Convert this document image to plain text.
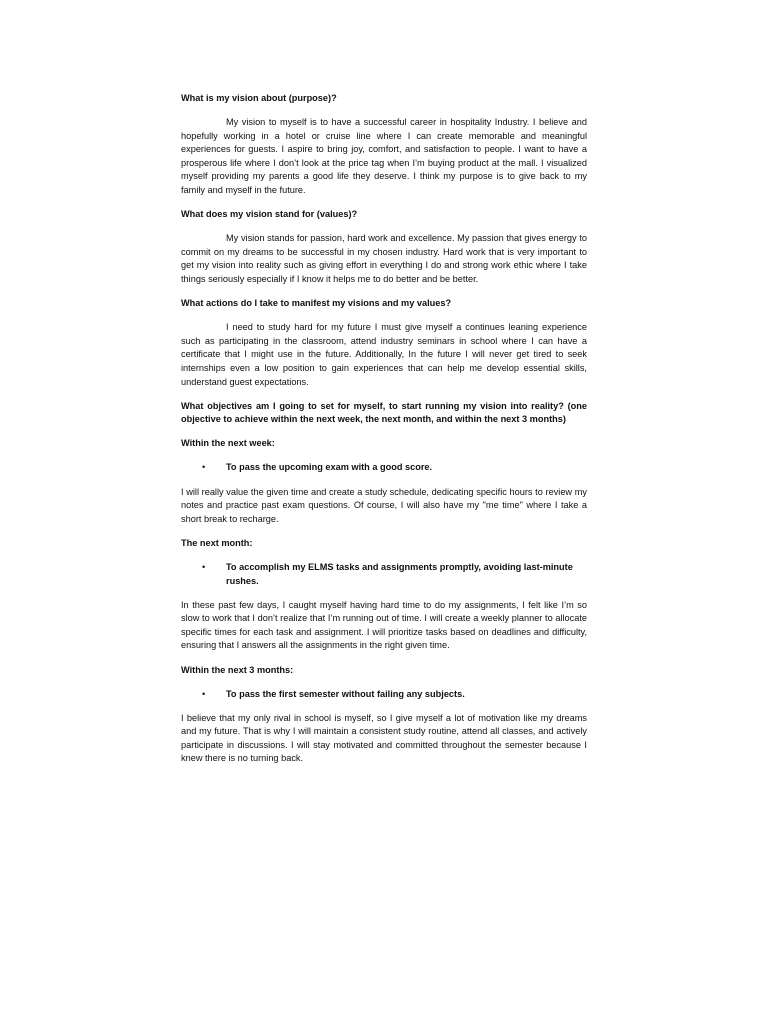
What is my vision about (purpose)?

My vision to myself is to have a successful career in hospitality Industry. I believe and hopefully working in a hotel or cruise line where I can create memorable and meaningful experiences for guests. I aspire to bring joy, comfort, and satisfaction to people. I want to have a prosperous life where I don’t look at the price tag when I’m buying product at the mall. I visualized myself providing my parents a good life they deserve. I think my purpose is to give back to my family and myself in the future.

What does my vision stand for (values)?

My vision stands for passion, hard work and excellence. My passion that gives energy to commit on my dreams to be successful in my chosen industry. Hard work that is very important to get my vision into reality such as giving effort in everything I do and strong work ethic where I take things seriously especially if I know it helps me to do better and be better.

What actions do I take to manifest my visions and my values?

I need to study hard for my future I must give myself a continues leaning experience such as participating in the classroom, attend industry seminars in school where I can have a certificate that I might use in the future. Additionally, In the future I will never get tired to seek internships even a low position to gain experiences that can help me develop essential skills, understand guest expectations.

What objectives am I going to set for myself, to start running my vision into reality? (one objective to achieve within the next week, the next month, and within the next 3 months)

Within the next week:

• To pass the upcoming exam with a good score.

I will really value the given time and create a study schedule, dedicating specific hours to review my notes and practice past exam questions. Of course, I will also have my "me time" where I take a short break to recharge.

The next month:

• To accomplish my ELMS tasks and assignments promptly, avoiding last-minute rushes.

In these past few days, I caught myself having hard time to do my assignments, I felt like I’m so slow to work that I don’t realize that I’m running out of time. I will create a weekly planner to allocate specific times for each task and assignment. I will prioritize tasks based on deadlines and difficulty, ensuring that I answers all the assignments in the right given time.

Within the next 3 months:

• To pass the first semester without failing any subjects.

I believe that my only rival in school is myself, so I give myself a lot of motivation like my dreams and my future. That is why I will maintain a consistent study routine, attend all classes, and actively participate in discussions. I will stay motivated and committed throughout the semester because I knew there is no turning back.
